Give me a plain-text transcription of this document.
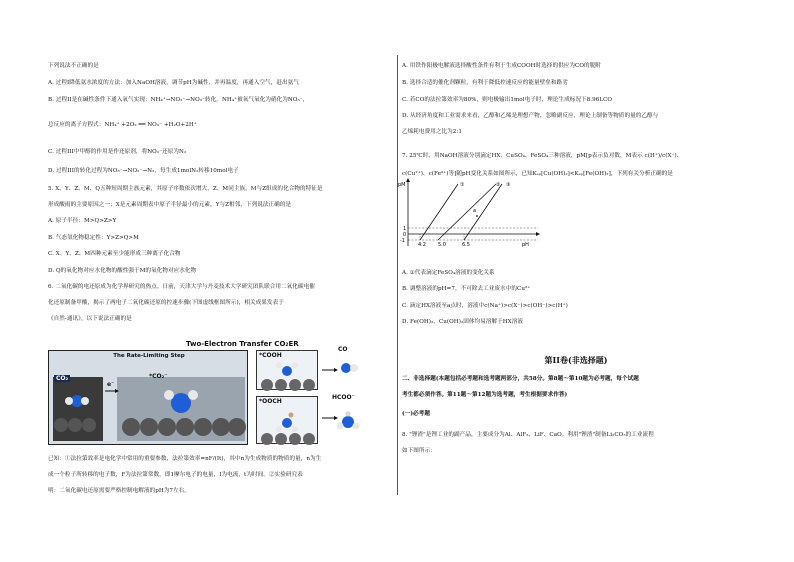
下列说法不正确的是
A. 过程I降低氨水浓度的方法：加入NaOH溶液，调节pH为碱性，并再温度，再通入空气，赶出氨气
B. 过程II是在碱性条件下通入氧气实现：NH₄⁺→NO₂⁻→NO₃⁻转化。NH₄⁺被氧气氧化为硝化为NO₃⁻，
总反应的离子方程式：NH₄⁺ +2O₂ ══ NO₃⁻ +H₂O+2H⁺
C. 过程III中甲醇的作用是作还原剂，将NO₃⁻还原为N₂
D. 过程III的转化过程为NO₃⁻→NO₂⁻→N₂，每生成1molN₂转移10mol电子
5. X、Y、Z、M、Q五种短周期主族元素，其原子序数依次增大，Z、M同主族，M与Z组成的化合物的特征是
形成酸雨的主要原因之一；X是元素周期表中原子半径最小的元素，Y与Z相邻，下列说法正确的是
A. 原子半径：M>Q>Z>Y
B. 气态氢化物稳定性：Y>Z>Q>M
C. X、Y、Z、M四种元素至少能形成三种离子化合物
D. Q的氧化物对应水化物的酸性强于M的氧化物对应水化物
6. 二氧化碳的电还原成为化学界研究的热点。日前，天津大学与丹麦技术大学研究团队联合用二氧化碳电催
化还原制备甲酸，揭示了两电子二氧化碳还原的控速步骤(下图虚线框图所示)，相关成果发表于
《自然-通讯》，以下说法正确的是
Two-Electron Transfer CO₂ER
The Rate-Limiting Step
CO₂
e⁻
*CO₂⁻
*COOH
*OOCH
CO
HCOO⁻
已知：①法拉第效率是电化学中常用的重要参数，法拉第效率=nF/(It)，其中n为生成物质的物质的量，n为生
成一个粒子所转移的电子数，F为法拉第常数，即1摩尔电子的电量，I为电流，t为时间。②实验研究表
明：二氧化碳电还原需要严格控制电解液的pH为7左右。
A. 用铁作阳极电解液选择酸性条件有利于生成COOH时选择的供应为CO的脱附
B. 选择合适的催化剂颗粒，有利于降低控速反应的能量壁垒和路劣
C. 若CO的法拉第效率为80%，则电极输出1mol电子时，理论生成标况下8.96LCO
D. 从经济角度和工业需求来看，乙醇和乙烯是理想产物，忽略副反应，理论上制备等物质的量的乙醇与
乙烯耗电费用之比为2:1
7. 25℃时，用NaOH溶液分别滴定HX、CuSO₄、FeSO₄三种溶液，pM[p表示负对数，M表示 c(H⁺)/c(X⁻)、
c(Cu²⁺)、c(Fe²⁺)等]随pH变化关系如图所示，已知Kₛₚ[Cu(OH)₂]<Kₛₚ[Fe(OH)₂]，下列有关分析正确的是
pM
pH
1
0
-1
4.2 5.0	6.5
①	② ③
a
A. ①代表滴定FeSO₄溶液的变化关系
B. 调整溶液的pH=7，不可除去工业废水中的Cu²⁺
C. 滴定HX溶液至a点时，溶液中c(Na⁺)>c(X⁻)>c(OH⁻)>c(H⁺)
D. Fe(OH)₂、Cu(OH)₂固体均易溶解于HX溶液
第II卷(非选择题)
二、非选择题(本题包括必考题和选考题两部分，共58分。第8题～第10题为必考题，每个试题
考生都必须作答。第11题～第12题为选考题，考生根据要求作答)
(一)必考题
8. "锂渣"是锂工业的副产品，主要成分为Al、AlF₃、LiF、CaO。利用"锂渣"制备Li₂CO₃的工业流程
如下图所示：
